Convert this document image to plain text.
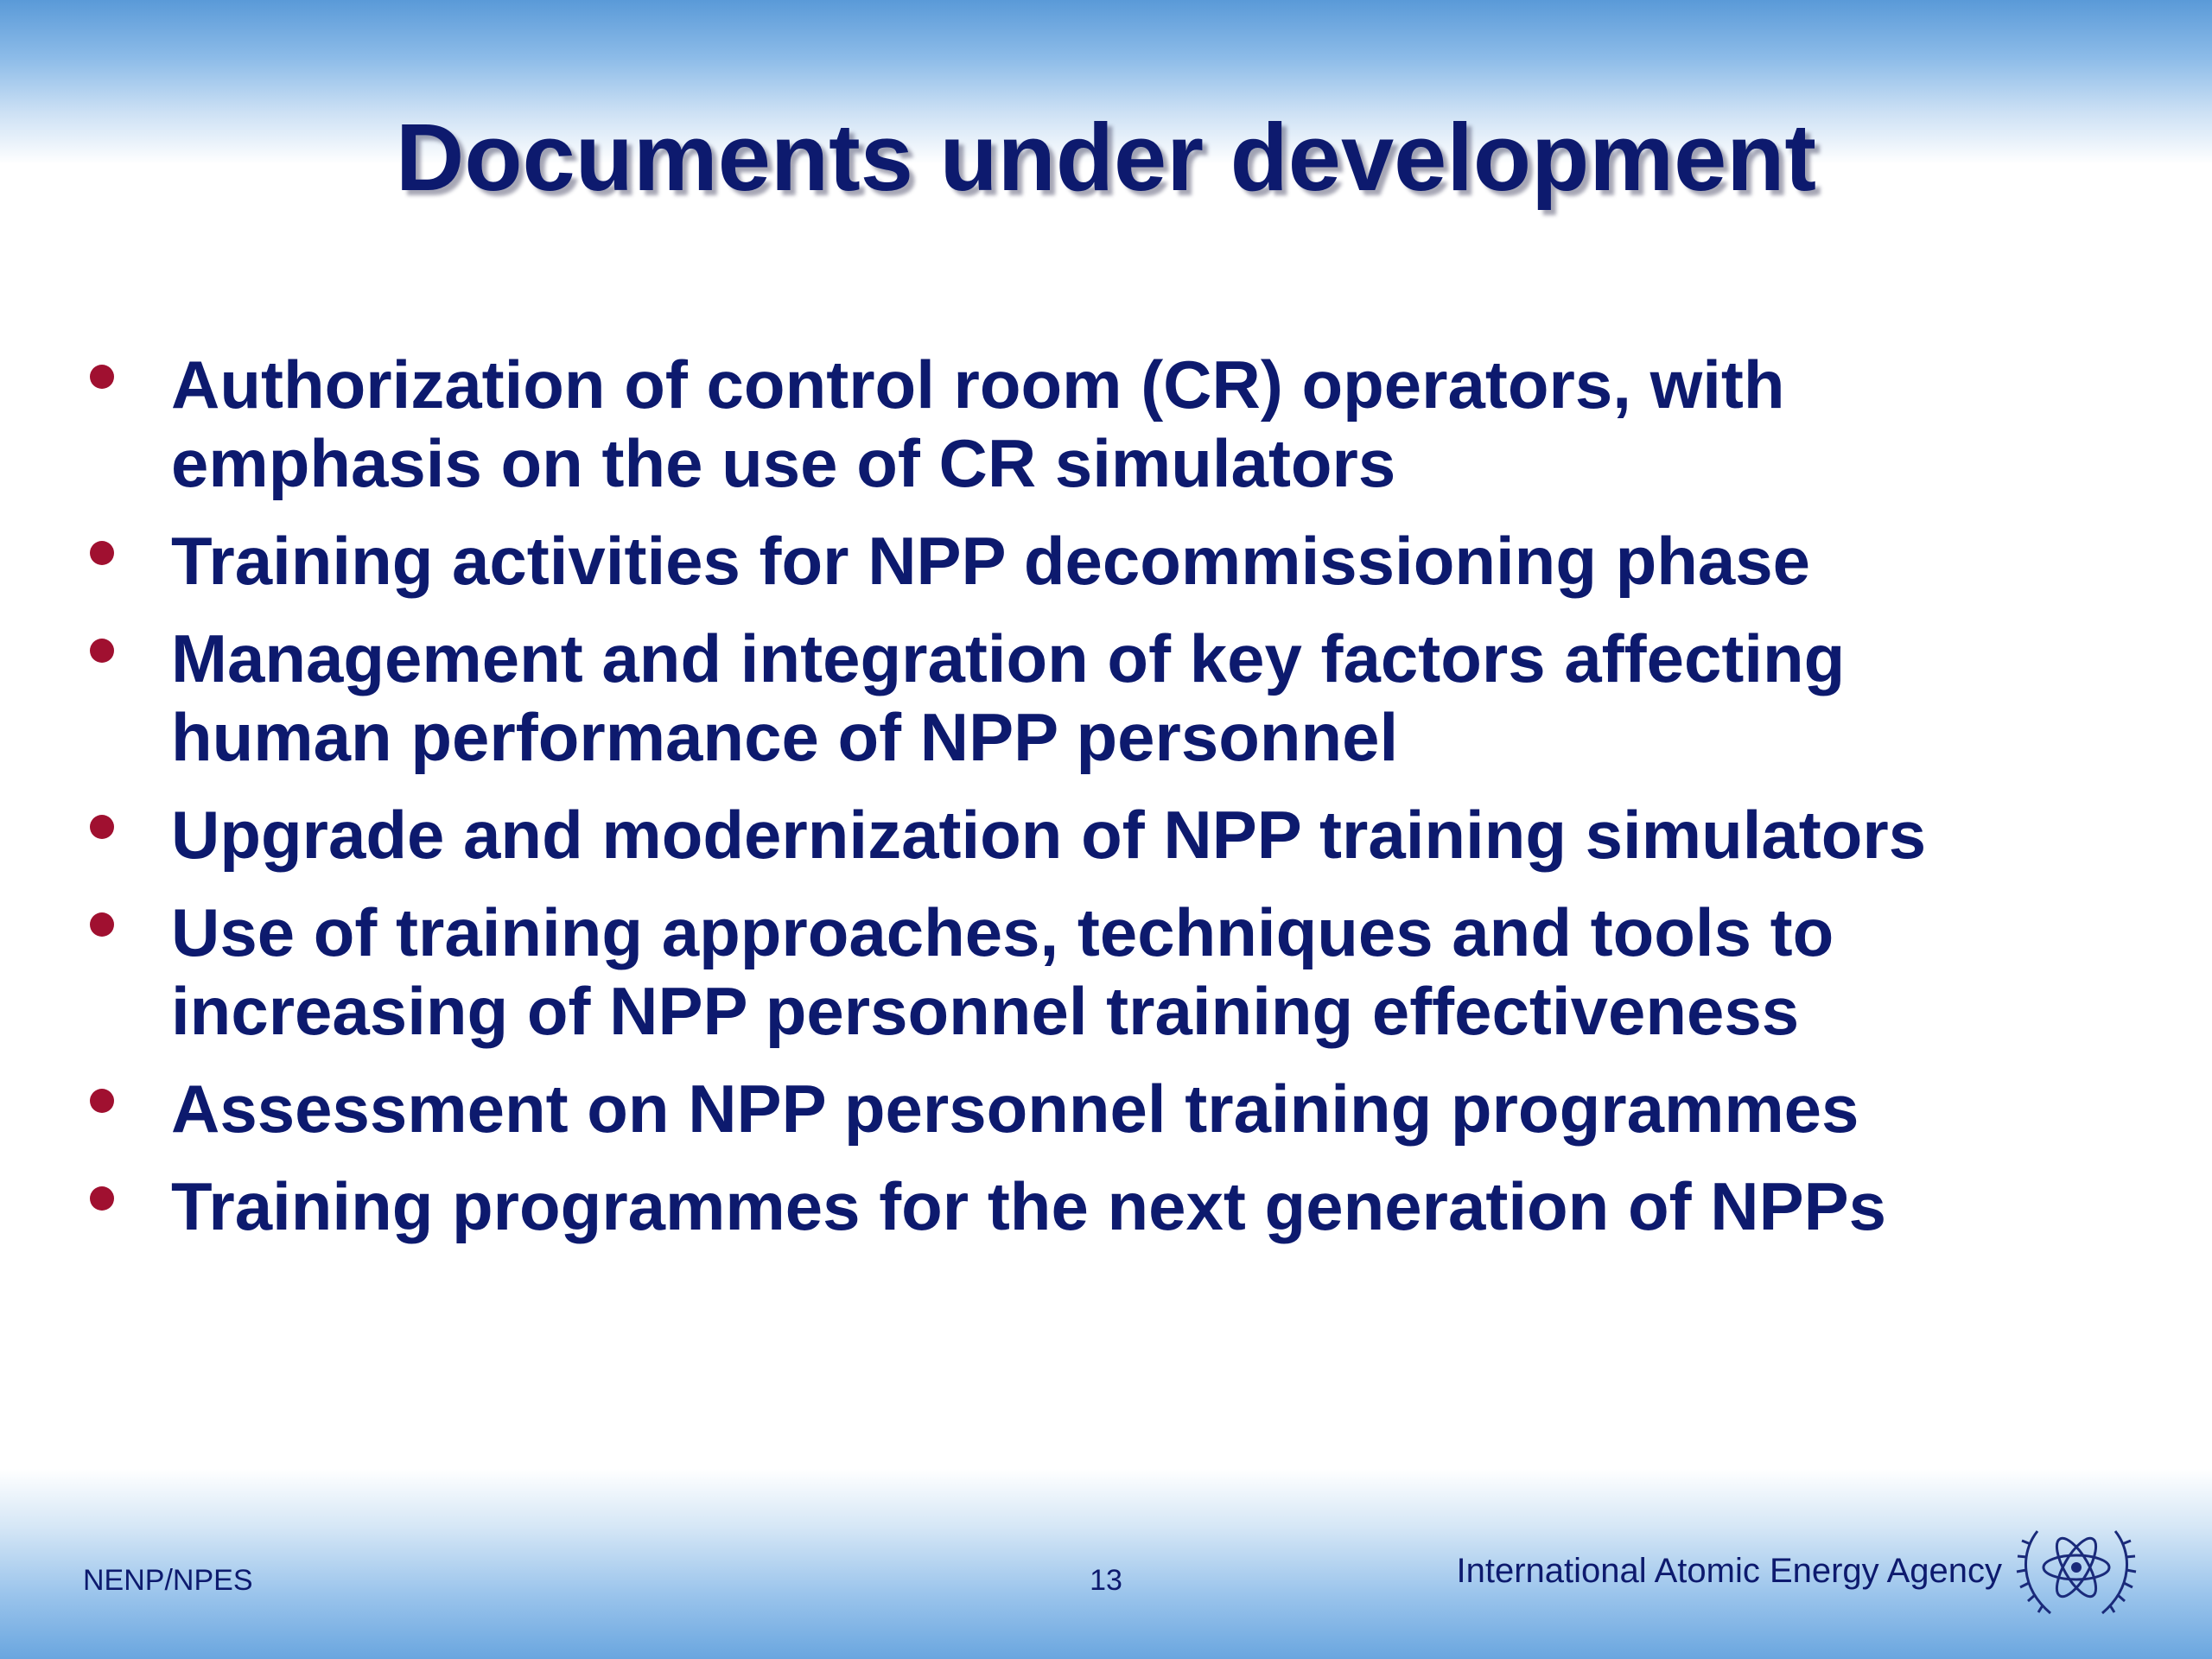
Documents under development
Authorization of control room (CR) operators, with
emphasis on the use of CR simulators
Training activities for NPP decommissioning phase
Management and integration of key factors affecting
human performance of NPP personnel
Upgrade and modernization of NPP training simulators
Use of training approaches, techniques and tools to
increasing of NPP personnel training effectiveness
Assessment on NPP personnel training programmes
Training programmes for the next generation of NPPs
NENP/NPES	13	International Atomic Energy Agency
